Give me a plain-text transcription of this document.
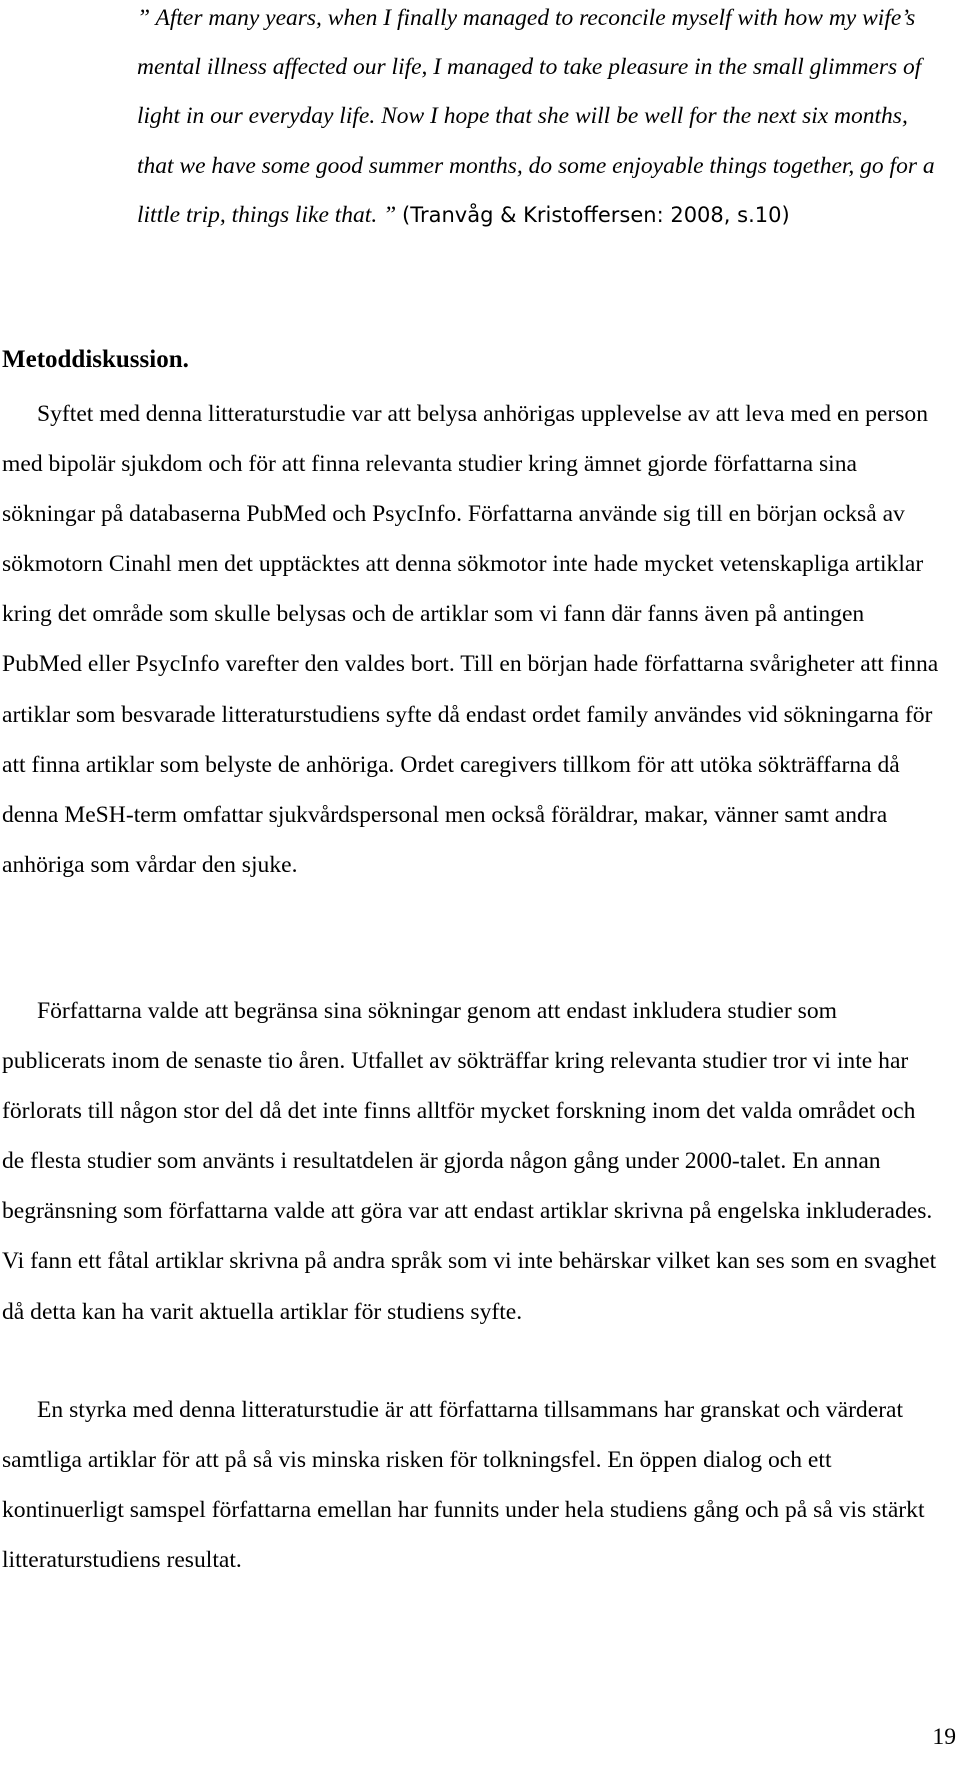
” After many years, when I finally managed to reconcile myself with how my wife’s mental illness affected our life, I managed to take pleasure in the small glimmers of light in our everyday life. Now I hope that she will be well for the next six months, that we have some good summer months, do some enjoyable things together, go for a little trip, things like that. ” (Tranvåg & Kristoffersen: 2008, s.10)

Metoddiskussion.

Syftet med denna litteraturstudie var att belysa anhörigas upplevelse av att leva med en person med bipolär sjukdom och för att finna relevanta studier kring ämnet gjorde författarna sina sökningar på databaserna PubMed och PsycInfo. Författarna använde sig till en början också av sökmotorn Cinahl men det upptäcktes att denna sökmotor inte hade mycket vetenskapliga artiklar kring det område som skulle belysas och de artiklar som vi fann där fanns även på antingen PubMed eller PsycInfo varefter den valdes bort. Till en början hade författarna svårigheter att finna artiklar som besvarade litteraturstudiens syfte då endast ordet family användes vid sökningarna för att finna artiklar som belyste de anhöriga. Ordet caregivers tillkom för att utöka sökträffarna då denna MeSH-term omfattar sjukvårdspersonal men också föräldrar, makar, vänner samt andra anhöriga som vårdar den sjuke.

Författarna valde att begränsa sina sökningar genom att endast inkludera studier som publicerats inom de senaste tio åren. Utfallet av sökträffar kring relevanta studier tror vi inte har förlorats till någon stor del då det inte finns alltför mycket forskning inom det valda området och de flesta studier som använts i resultatdelen är gjorda någon gång under 2000-talet. En annan begränsning som författarna valde att göra var att endast artiklar skrivna på engelska inkluderades. Vi fann ett fåtal artiklar skrivna på andra språk som vi inte behärskar vilket kan ses som en svaghet då detta kan ha varit aktuella artiklar för studiens syfte.

En styrka med denna litteraturstudie är att författarna tillsammans har granskat och värderat samtliga artiklar för att på så vis minska risken för tolkningsfel. En öppen dialog och ett kontinuerligt samspel författarna emellan har funnits under hela studiens gång och på så vis stärkt litteraturstudiens resultat.

19
